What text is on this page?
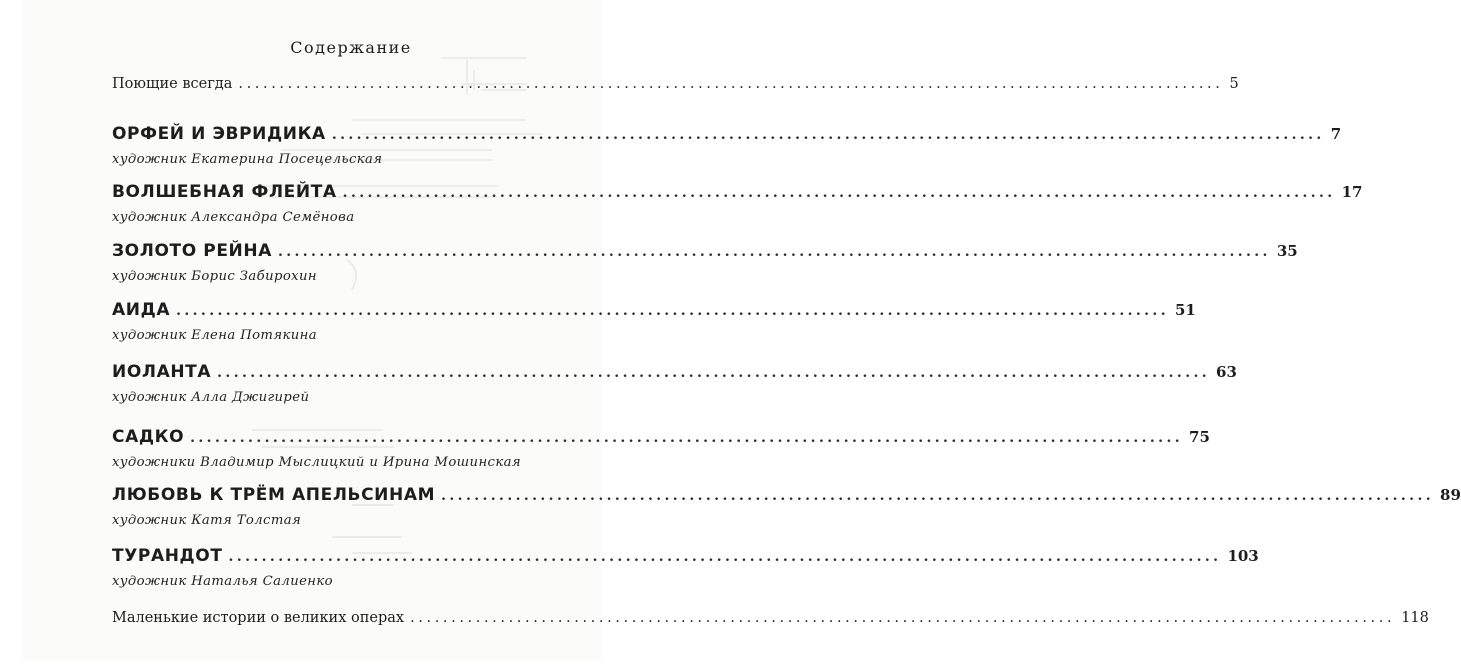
Содержание
Поющие всегда ........................................................................................................................ 5
ОРФЕЙ И ЭВРИДИКА ........................................................................................................................ 7
художник Екатерина Посецельская
ВОЛШЕБНАЯ ФЛЕЙТА ........................................................................................................................ 17
художник Александра Семёнова
ЗОЛОТО РЕЙНА ........................................................................................................................ 35
художник Борис Забирохин
АИДА ........................................................................................................................ 51
художник Елена Потякина
ИОЛАНТА ........................................................................................................................ 63
художник Алла Джигирей
САДКО ........................................................................................................................ 75
художники Владимир Мыслицкий и Ирина Мошинская
ЛЮБОВЬ К ТРЁМ АПЕЛЬСИНАМ ........................................................................................................................ 89
художник Катя Толстая
ТУРАНДОТ ........................................................................................................................ 103
художник Наталья Салиенко
Маленькие истории о великих операх ........................................................................................................................ 118
